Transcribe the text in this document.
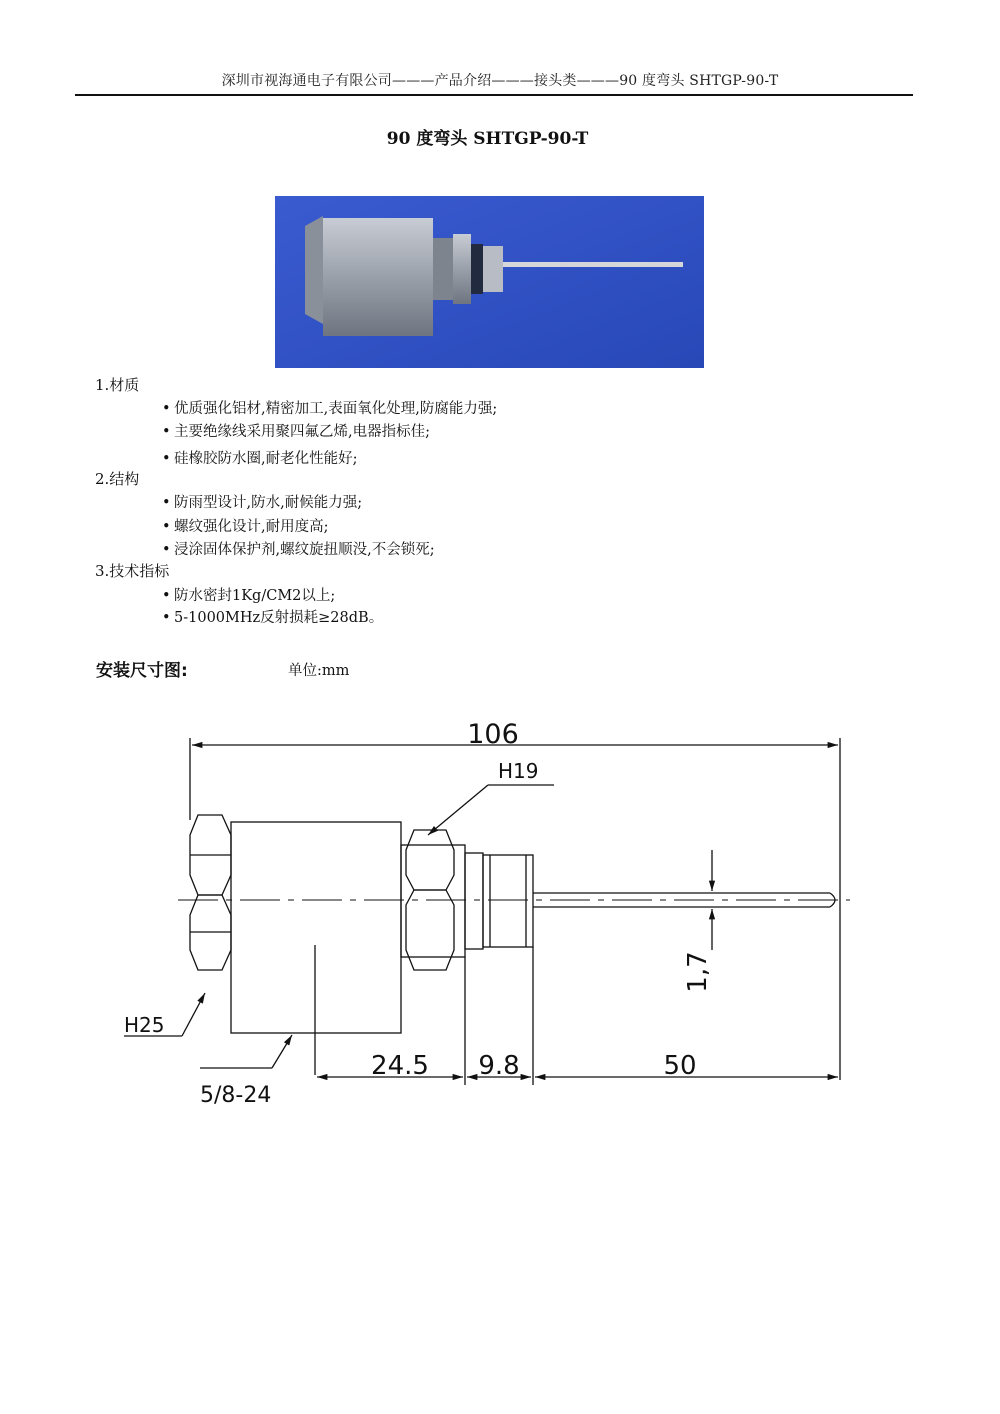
深圳市视海通电子有限公司———产品介绍———接头类———90 度弯头 SHTGP-90-T
90 度弯头 SHTGP-90-T
1.材质
• 优质强化铝材,精密加工,表面氧化处理,防腐能力强;
• 主要绝缘线采用聚四氟乙烯,电器指标佳;
• 硅橡胶防水圈,耐老化性能好;
2.结构
• 防雨型设计,防水,耐候能力强;
• 螺纹强化设计,耐用度高;
• 浸涂固体保护剂,螺纹旋扭顺没,不会锁死;
3.技术指标
• 防水密封1Kg/CM2以上;
• 5-1000MHz反射损耗≥28dB。
安装尺寸图:	单位:mm
106
1,7
H19
H25
5/8-24
24.5 9.8	50
